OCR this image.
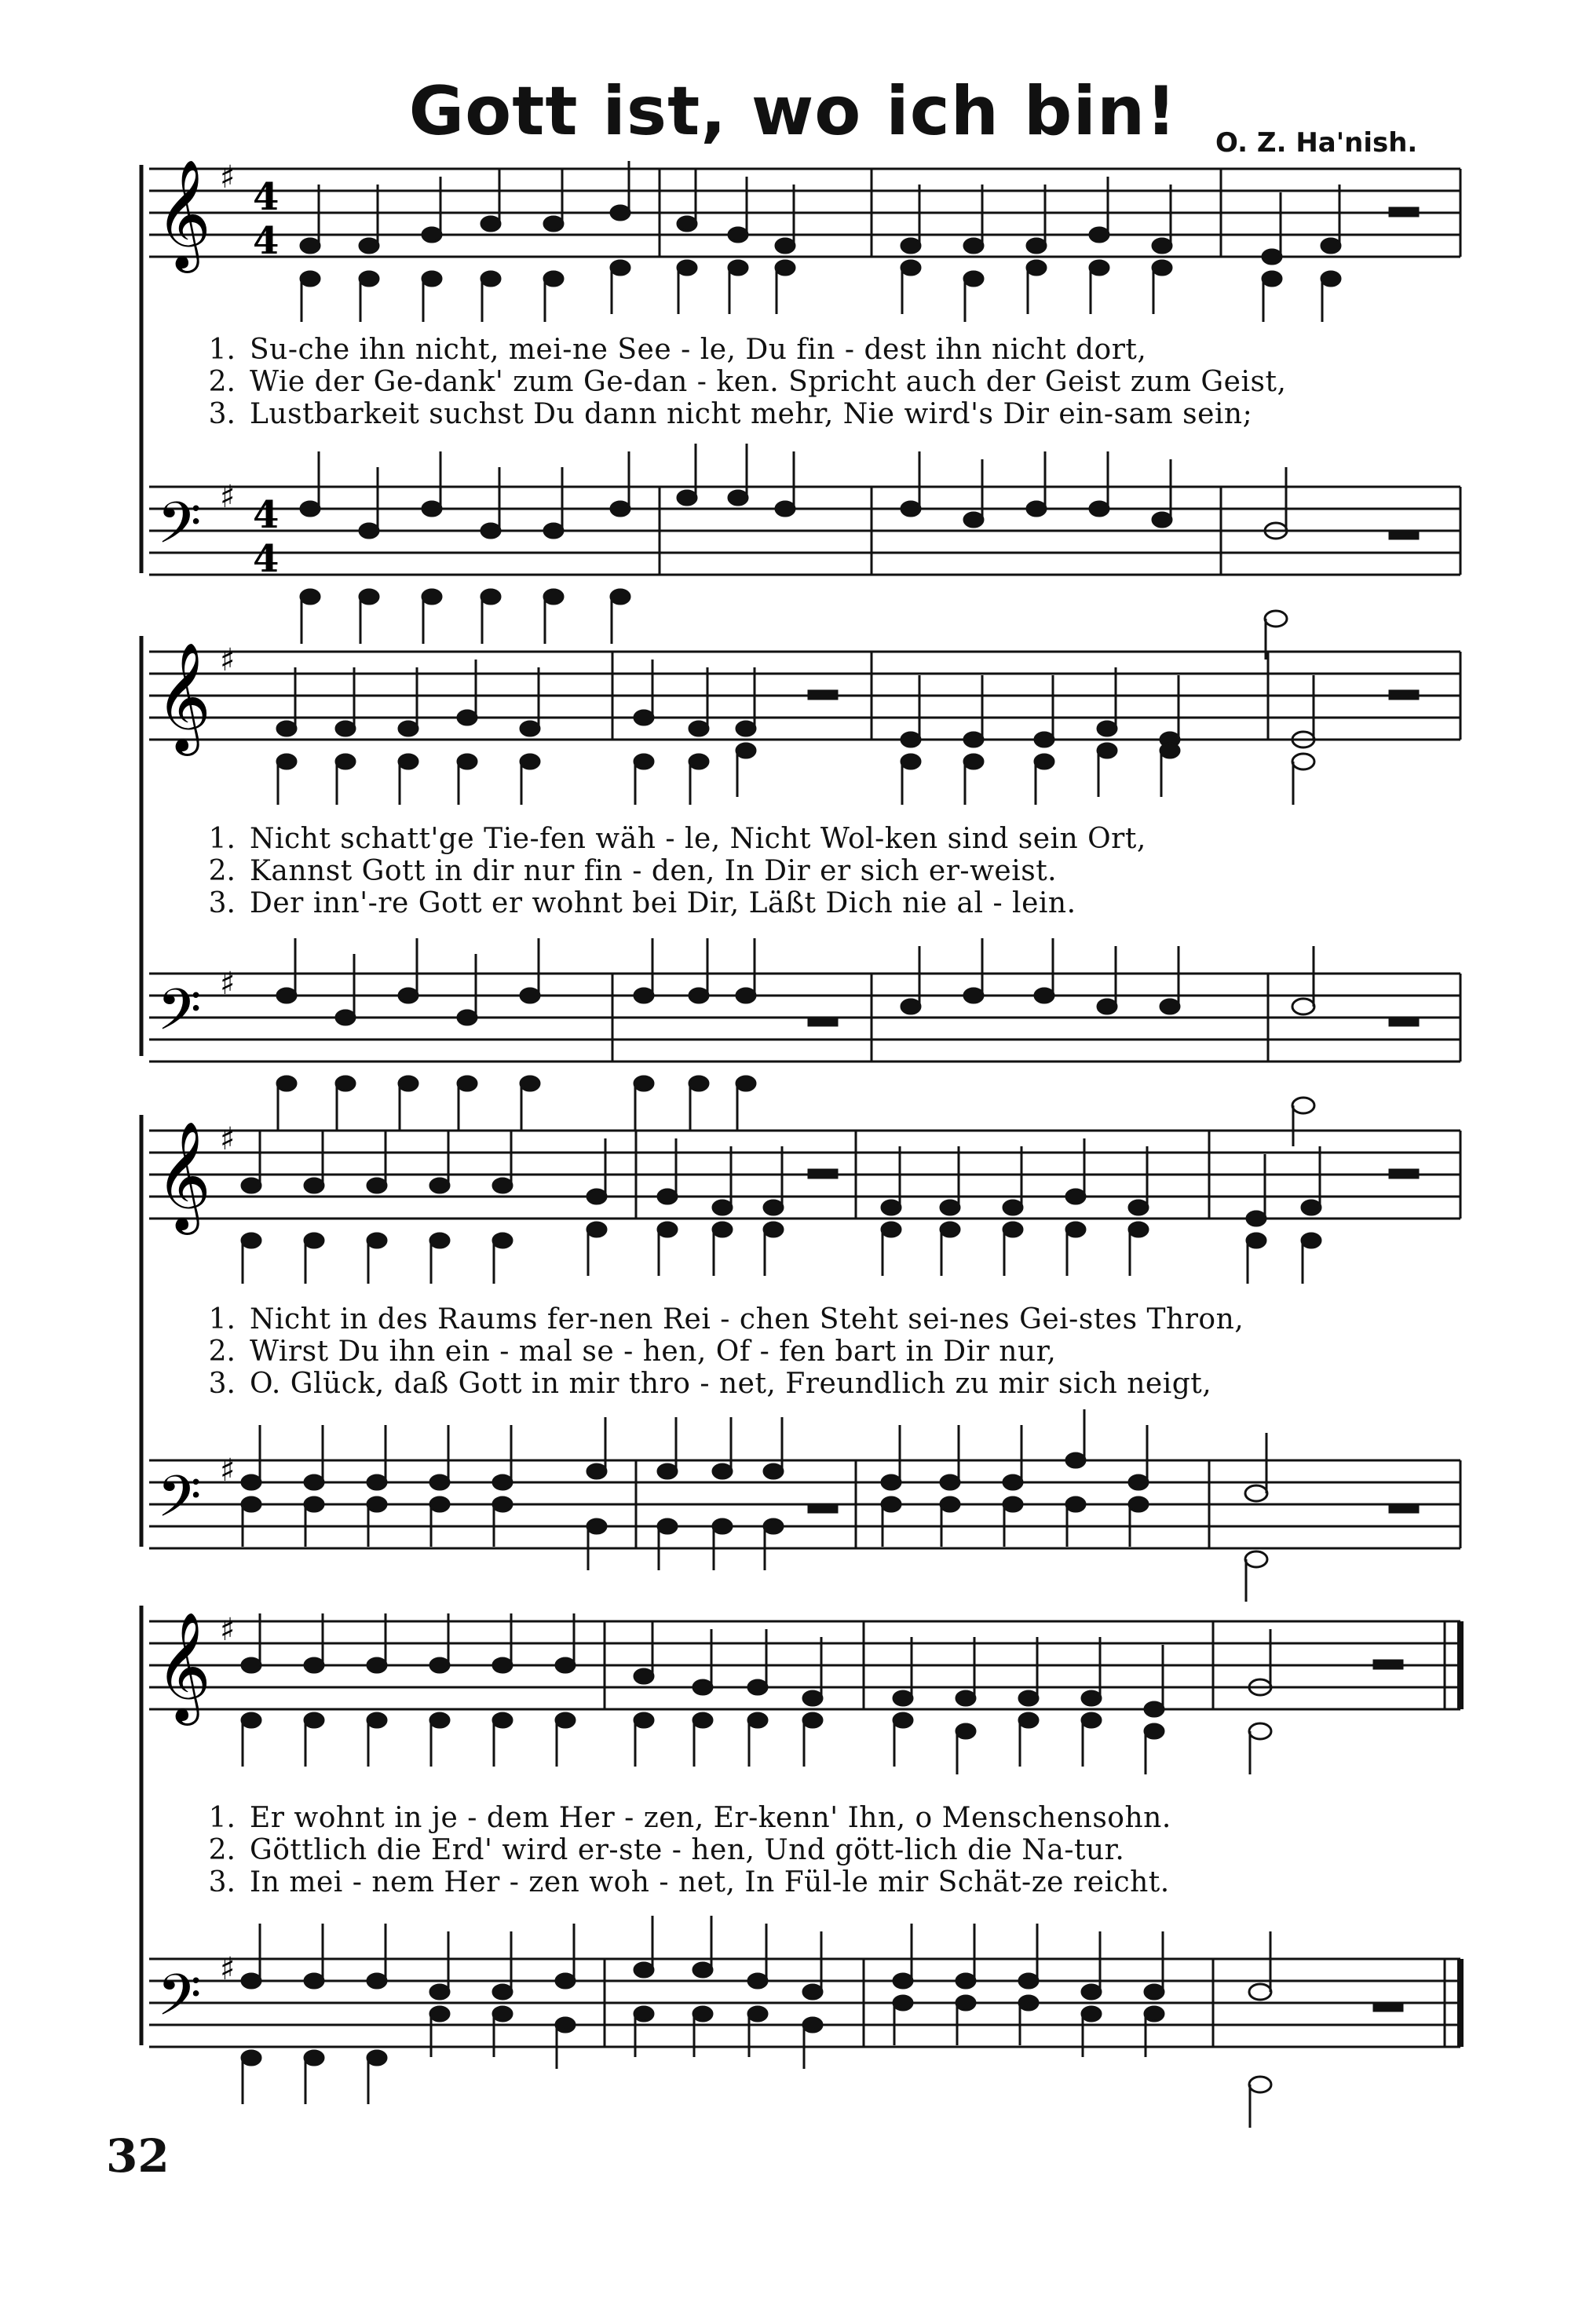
Gott ist, wo ich bin!	O. Z. Ha'nish.
𝄞 ♯ 4
4
1. Su-che ihn nicht, mei-ne See - le, Du fin - dest ihn nicht dort,
2. Wie der Ge-dank' zum Ge-dan - ken. Spricht auch der Geist zum Geist,
3. Lustbarkeit suchst Du dann nicht mehr, Nie wird's Dir ein-sam sein;
𝄢 ♯ 4
4
𝄞 ♯
1. Nicht schatt'ge Tie-fen wäh - le, Nicht Wol-ken sind sein Ort,
2. Kannst Gott in dir nur fin - den, In Dir er sich er-weist.
3. Der inn'-re Gott er wohnt bei Dir, Läßt Dich nie al - lein.
𝄢 ♯
𝄞 ♯
1. Nicht in des Raums fer-nen Rei - chen Steht sei-nes Gei-stes Thron,
2. Wirst Du ihn ein - mal se - hen, Of - fen bart in Dir nur,
3. O. Glück, daß Gott in mir thro - net, Freundlich zu mir sich neigt,
𝄢 ♯
𝄞 ♯
1. Er wohnt in je - dem Her - zen, Er-kenn' Ihn, o Menschensohn.
2. Göttlich die Erd' wird er-ste - hen, Und gött-lich die Na-tur.
3. In mei - nem Her - zen woh - net, In Fül-le mir Schät-ze reicht.
𝄢 ♯
32
